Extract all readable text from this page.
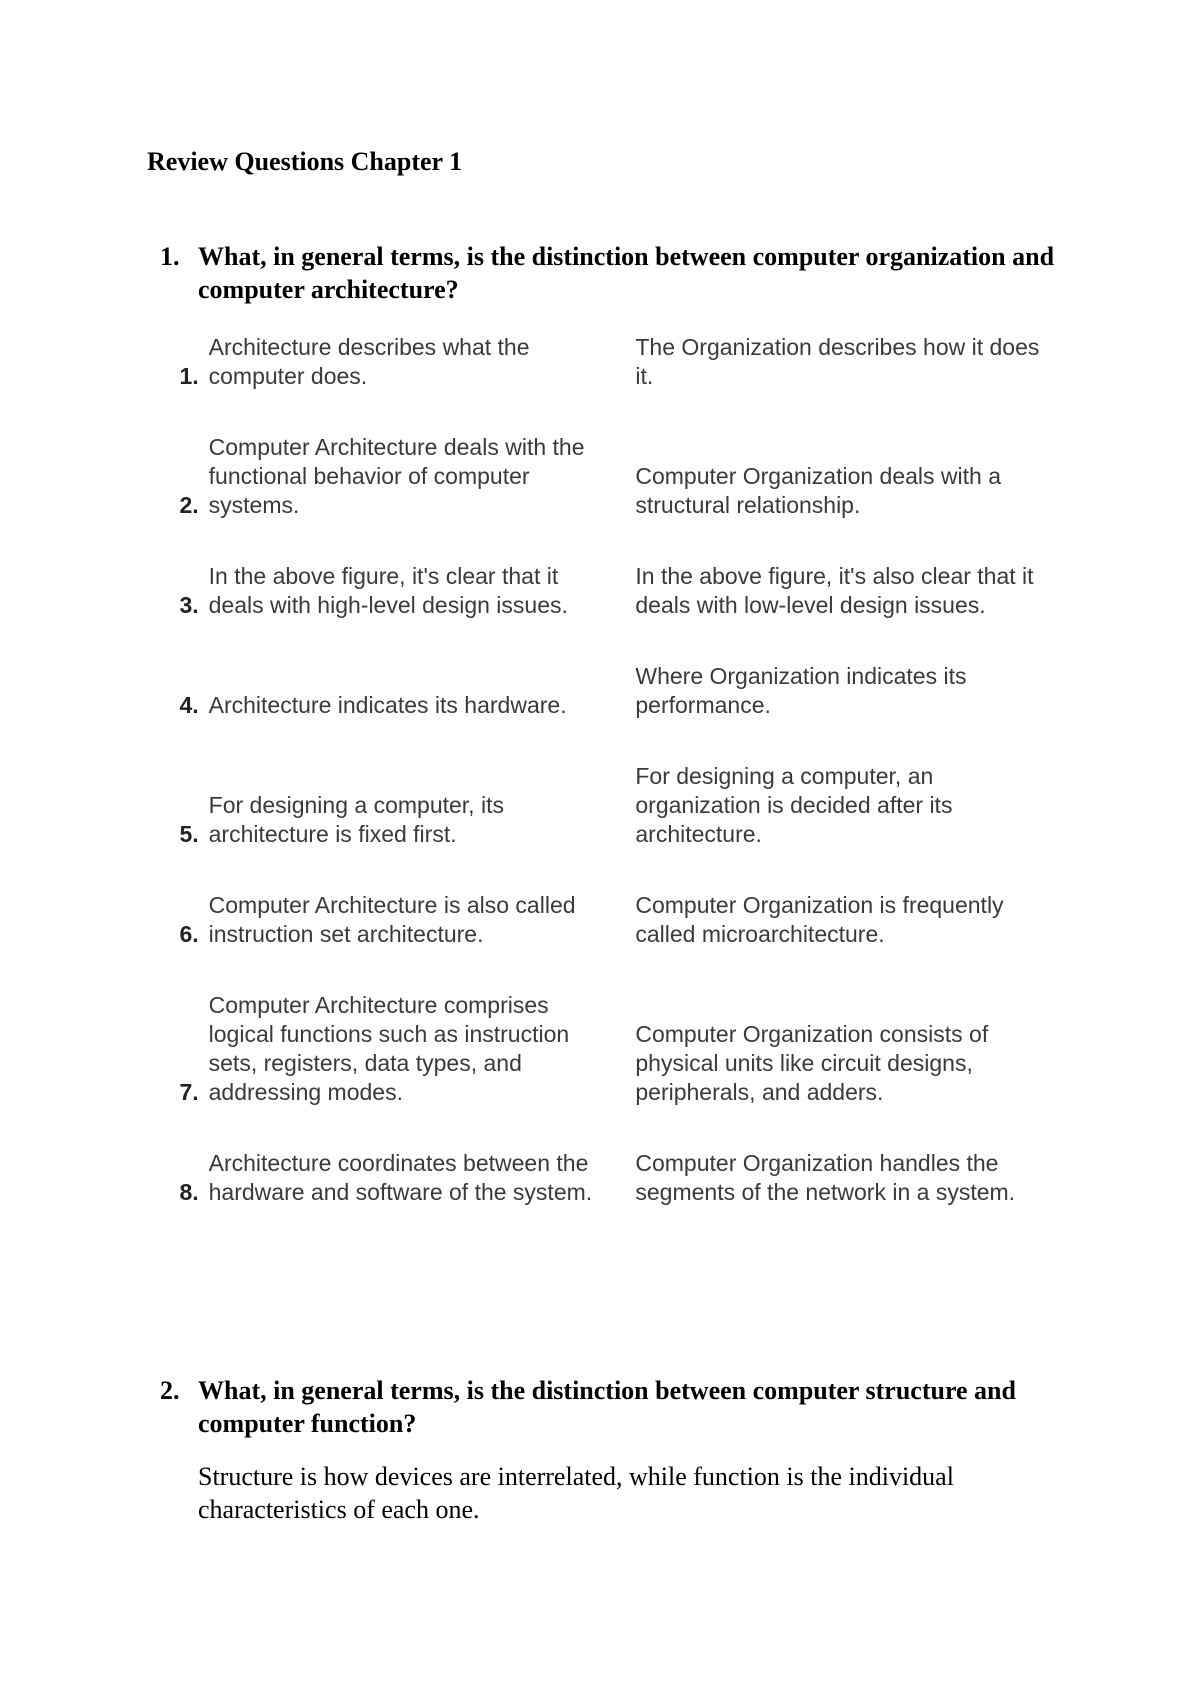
Review Questions Chapter 1
1. What, in general terms, is the distinction between computer organization and computer architecture?
1.	Architecture describes what the computer does.	The Organization describes how it does it.

2.	Computer Architecture deals with the functional behavior of computer systems.	Computer Organization deals with a structural relationship.

3.	In the above figure, it's clear that it deals with high-level design issues.	In the above figure, it's also clear that it deals with low-level design issues.

4.	Architecture indicates its hardware.	Where Organization indicates its performance.

5.	For designing a computer, its architecture is fixed first.	For designing a computer, an organization is decided after its architecture.

6.	Computer Architecture is also called instruction set architecture.	Computer Organization is frequently called microarchitecture.

7.	Computer Architecture comprises logical functions such as instruction sets, registers, data types, and addressing modes.	Computer Organization consists of physical units like circuit designs, peripherals, and adders.

8.	Architecture coordinates between the hardware and software of the system.	Computer Organization handles the segments of the network in a system.
2. What, in general terms, is the distinction between computer structure and computer function?
Structure is how devices are interrelated, while function is the individual characteristics of each one.
